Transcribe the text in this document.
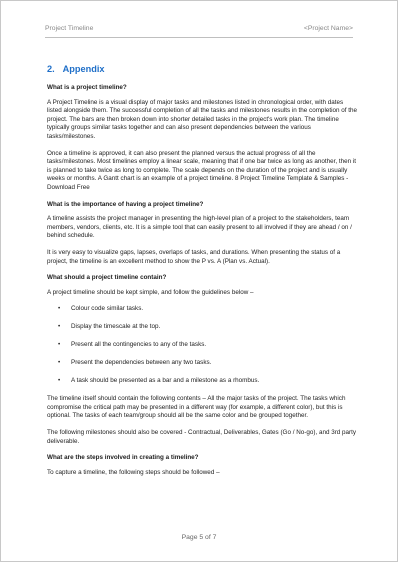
Project Timeline	<Project Name>
2. Appendix
What is a project timeline?
A Project Timeline is a visual display of major tasks and milestones listed in chronological order, with dates listed alongside them. The successful completion of all the tasks and milestones results in the completion of the project. The bars are then broken down into shorter detailed tasks in the project's work plan. The timeline typically groups similar tasks together and can also present dependencies between the various tasks/milestones.
Once a timeline is approved, it can also present the planned versus the actual progress of all the tasks/milestones. Most timelines employ a linear scale, meaning that if one bar twice as long as another, then it is planned to take twice as long to complete. The scale depends on the duration of the project and is usually weeks or months. A Gantt chart is an example of a project timeline. 8 Project Timeline Template & Samples - Download Free
What is the importance of having a project timeline?
A timeline assists the project manager in presenting the high-level plan of a project to the stakeholders, team members, vendors, clients, etc. It is a simple tool that can easily present to all involved if they are ahead / on / behind schedule.
It is very easy to visualize gaps, lapses, overlaps of tasks, and durations. When presenting the status of a project, the timeline is an excellent method to show the P vs. A (Plan vs. Actual).
What should a project timeline contain?
A project timeline should be kept simple, and follow the guidelines below –
• Colour code similar tasks.
• Display the timescale at the top.
• Present all the contingencies to any of the tasks.
• Present the dependencies between any two tasks.
• A task should be presented as a bar and a milestone as a rhombus.
The timeline itself should contain the following contents – All the major tasks of the project. The tasks which compromise the critical path may be presented in a different way (for example, a different color), but this is optional. The tasks of each team/group should all be the same color and be grouped together.
The following milestones should also be covered - Contractual, Deliverables, Gates (Go / No-go), and 3rd party deliverable.
What are the steps involved in creating a timeline?
To capture a timeline, the following steps should be followed –
Page 5 of 7
